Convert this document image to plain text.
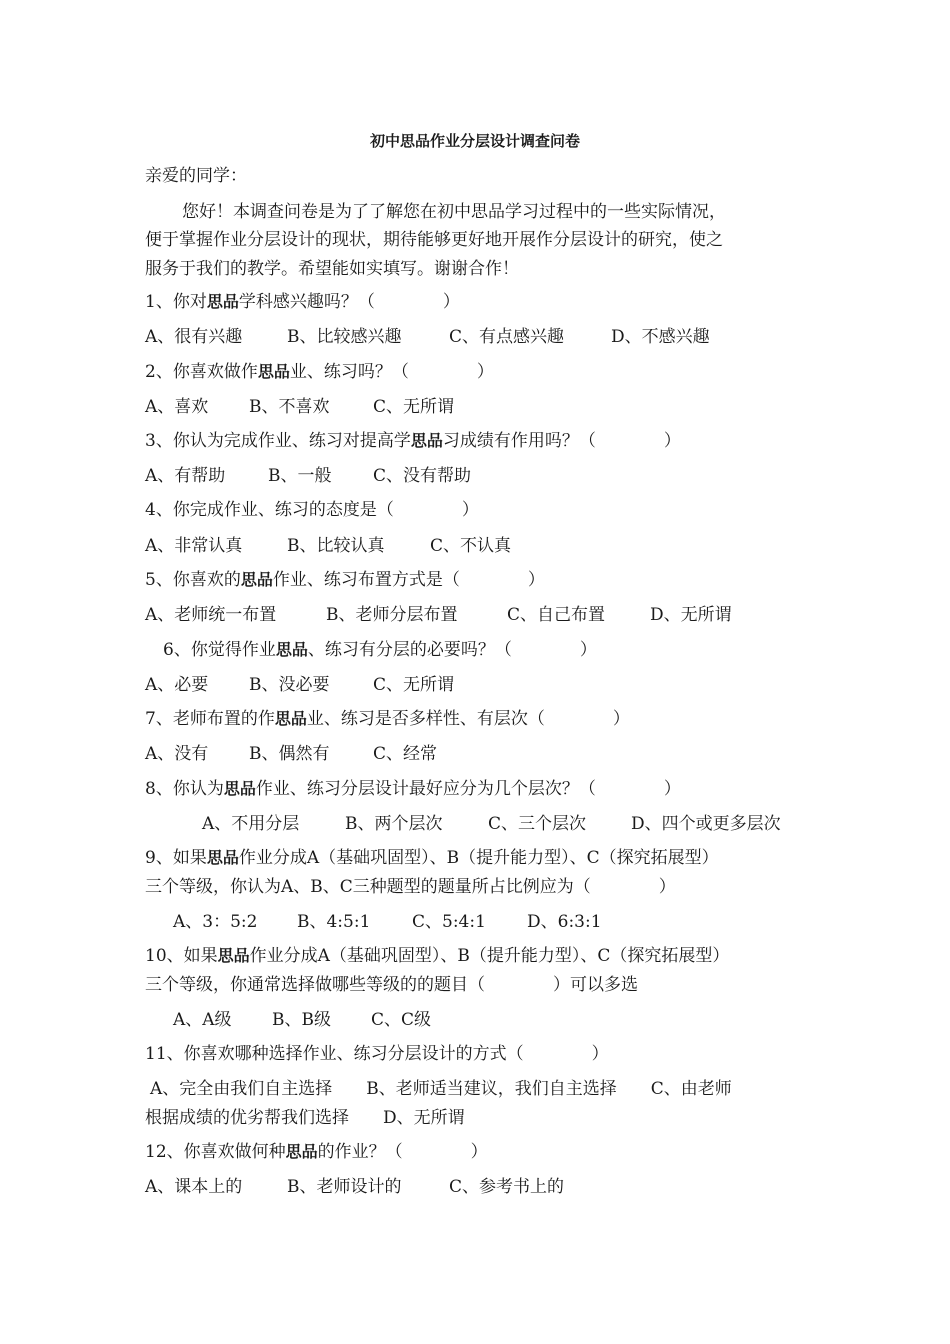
初中思品作业分层设计调查问卷
亲爱的同学：
您好！本调查问卷是为了了解您在初中思品学习过程中的一些实际情况，
便于掌握作业分层设计的现状，期待能够更好地开展作分层设计的研究，使之
服务于我们的教学。希望能如实填写。谢谢合作！
1、你对思品学科感兴趣吗？（　　　　）
A、很有兴趣	B、比较感兴趣	C、有点感兴趣	D、不感兴趣
2、你喜欢做作思品业、练习吗？（　　　　）
A、喜欢 B、不喜欢	C、无所谓
3、你认为完成作业、练习对提高学思品习成绩有作用吗？（　　　　）
A、有帮助	B、一般 C、没有帮助
4、你完成作业、练习的态度是（　　　　）
A、非常认真	B、比较认真	C、不认真
5、你喜欢的思品作业、练习布置方式是（　　　　）
A、老师统一布置	B、老师分层布置	C、自己布置	D、无所谓
6、你觉得作业思品、练习有分层的必要吗？（　　　　）
A、必要 B、没必要	C、无所谓
7、老师布置的作思品业、练习是否多样性、有层次（　　　　）
A、没有 B、偶然有	C、经常
8、你认为思品作业、练习分层设计最好应分为几个层次？（　　　　）
A、不用分层	B、两个层次	C、三个层次	D、四个或更多层次
9、如果思品作业分成A（基础巩固型）、B（提升能力型）、C（探究拓展型）
三个等级，你认为A、B、C三种题型的题量所占比例应为（　　　　）
A、3：5:2 B、4:5:1 C、5:4:1 D、6:3:1
10、如果思品作业分成A（基础巩固型）、B（提升能力型）、C（探究拓展型）
三个等级，你通常选择做哪些等级的的题目（　　　　）可以多选
A、A级 B、B级 C、C级
11、你喜欢哪种选择作业、练习分层设计的方式（　　　　）
A、完全由我们自主选择　　B、老师适当建议，我们自主选择　　C、由老师
根据成绩的优劣帮我们选择　　D、无所谓
12、你喜欢做何种思品的作业？（　　　　）
A、课本上的	B、老师设计的	C、参考书上的
